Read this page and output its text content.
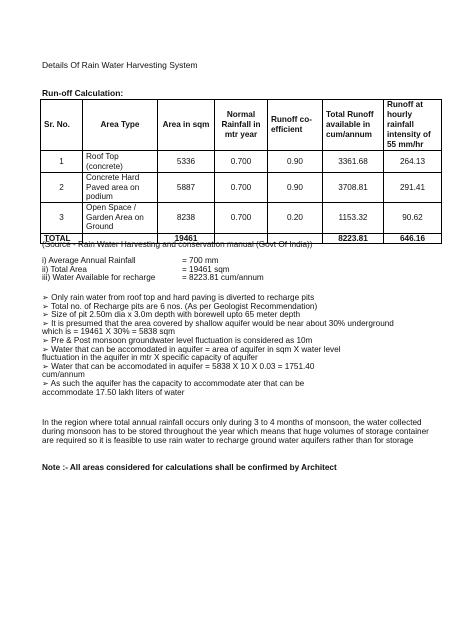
Details Of Rain Water Harvesting System
Run-off Calculation:
Sr. No.	Area Type	Area in sqm	Normal Rainfall in mtr year	Runoff co-efficient	Total Runoff available in cum/annum	Runoff at hourly rainfall intensity of 55 mm/hr
1	Roof Top (concrete)	5336	0.700	0.90	3361.68	264.13
2	Concrete Hard Paved area on podium	5887	0.700	0.90	3708.81	291.41
3	Open Space / Garden Area on Ground	8238	0.700	0.20	1153.32	90.62
TOTAL		19461			8223.81	646.16
(Source - Rain Water Harvesting and conservation manual (Govt Of India))
i) Average Annual Rainfall	= 700 mm
ii) Total Area	= 19461 sqm
iii) Water Available for recharge	= 8223.81 cum/annum

➢ Only rain water from roof top and hard paving is diverted to recharge pits

➢ Total no. of Recharge pits are 6 nos. (As per Geologist Recommendation)

➢ Size of pit 2.50m dia x 3.0m depth with borewell upto 65 meter depth

➢ It is presumed that the area covered by shallow aquifer would be near about 30% underground

which is = 19461 X 30% = 5838 sqm

➢ Pre & Post monsoon groundwater level fluctuation is considered as 10m

➢ Water that can be accomodated in aquifer = area of aquifer in sqm X water level

fluctuation in the aquifer in mtr X specific capacity of aquifer

➢ Water that can be accomodated in aquifer = 5838 X 10 X 0.03 = 1751.40

cum/annum

➢ As such the aquifer has the capacity to accommodate ater that can be

accommodate 17.50 lakh liters of water

In the region where total annual rainfall occurs only during 3 to 4 months of monsoon, the water collected during monsoon has to be stored throughout the year which means that huge volumes of storage container are required so it is feasible to use rain water to recharge ground water aquifers rather than for storage
Note :- All areas considered for calculations shall be confirmed by Architect
